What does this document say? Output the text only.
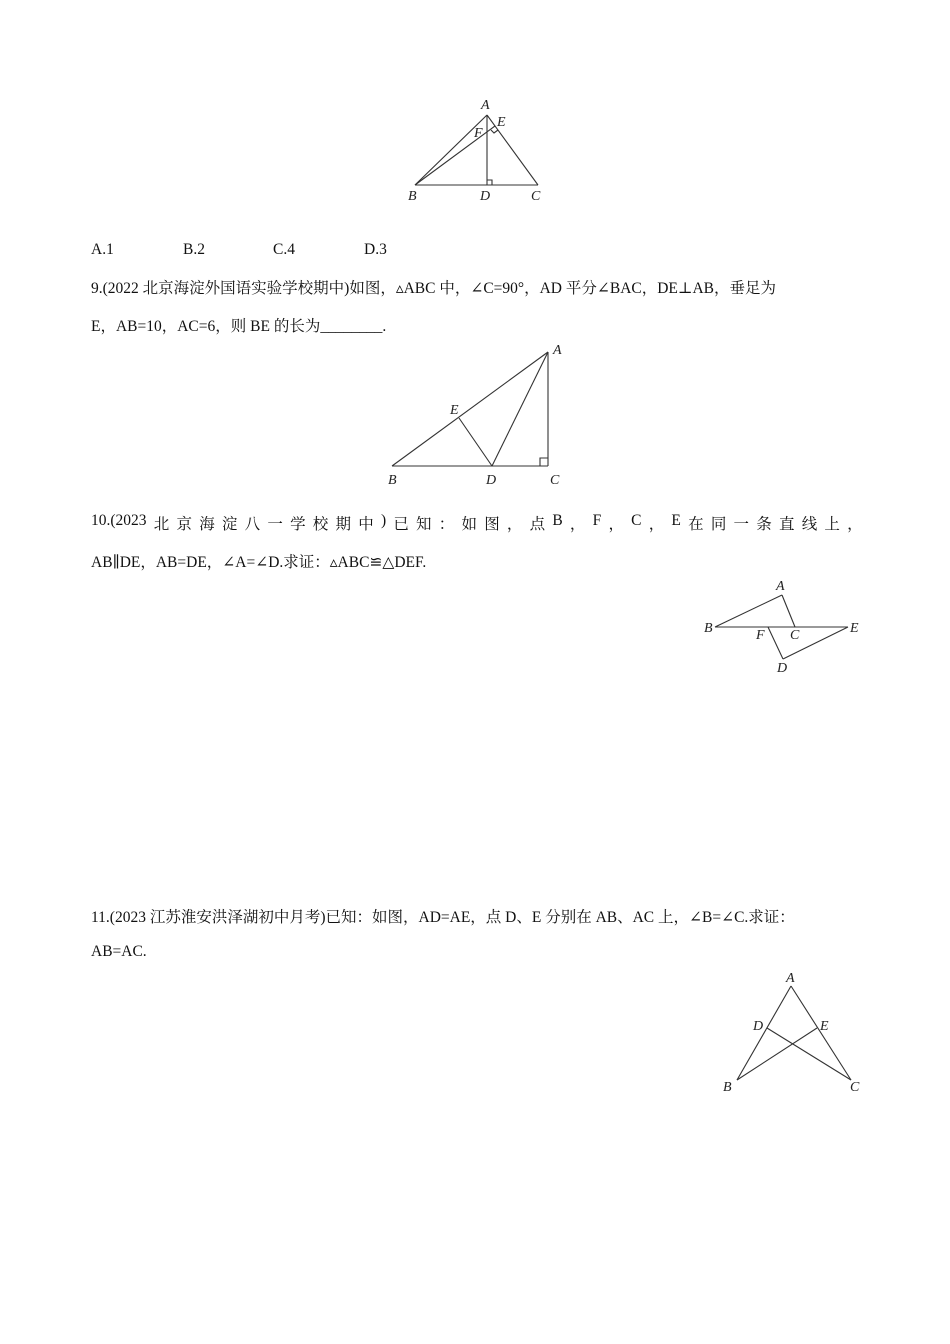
A
E
F
B	D	C
A.1	B.2	C.4	D.3
9.(2022 北京海淀外国语实验学校期中)如图，▵ABC 中，∠C=90°，AD 平分∠BAC，DE⊥AB，垂足为
E，AB=10，AC=6，则 BE 的长为________.
A
E
B	D	C
10.(2023 北 京 海 淀 八 一 学 校 期 中 ) 已 知 ： 如 图 ， 点 B ， F ， C ， E 在 同 一 条 直 线 上 ，
AB∥DE，AB=DE，∠A=∠D.求证：▵ABC≌△DEF.
A
B	F C	E
D
11.(2023 江苏淮安洪泽湖初中月考)已知：如图，AD=AE，点 D、E 分别在 AB、AC 上，∠B=∠C.求证：
AB=AC.
A
D	E
B	C
